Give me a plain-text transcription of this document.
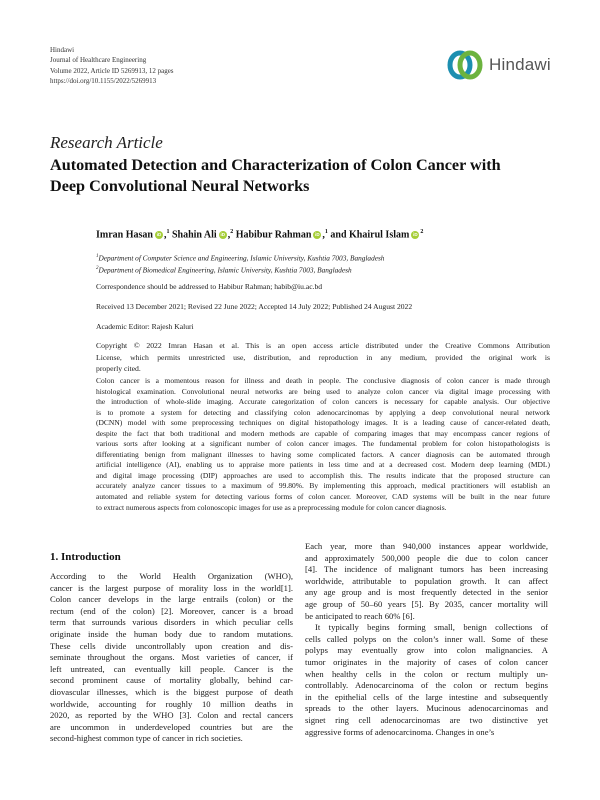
Hindawi
Journal of Healthcare Engineering
Volume 2022, Article ID 5269913, 12 pages
https://doi.org/10.1155/2022/5269913
Hindawi
Research Article
Automated Detection and Characterization of Colon Cancer with
Deep Convolutional Neural Networks
Imran Hasan iD ,$^1$ Shahin Ali iD ,$^2$ Habibur Rahman iD ,$^1$ and Khairul Islam iD $^2$
$^1$Department of Computer Science and Engineering, Islamic University, Kushtia 7003, Bangladesh
$^2$Department of Biomedical Engineering, Islamic University, Kushtia 7003, Bangladesh
Correspondence should be addressed to Habibur Rahman; habib@iu.ac.bd
Received 13 December 2021; Revised 22 June 2022; Accepted 14 July 2022; Published 24 August 2022
Academic Editor: Rajesh Kaluri
Copyright © 2022 Imran Hasan et al. This is an open access article distributed under the Creative Commons Attribution
License, which permits unrestricted use, distribution, and reproduction in any medium, provided the original work is
properly cited.
Colon cancer is a momentous reason for illness and death in people. The conclusive diagnosis of colon cancer is made through
histological examination. Convolutional neural networks are being used to analyze colon cancer via digital image processing with
the introduction of whole-slide imaging. Accurate categorization of colon cancers is necessary for capable analysis. Our objective
is to promote a system for detecting and classifying colon adenocarcinomas by applying a deep convolutional neural network
(DCNN) model with some preprocessing techniques on digital histopathology images. It is a leading cause of cancer-related death,
despite the fact that both traditional and modern methods are capable of comparing images that may encompass cancer regions of
various sorts after looking at a significant number of colon cancer images. The fundamental problem for colon histopathologists is
differentiating benign from malignant illnesses to having some complicated factors. A cancer diagnosis can be automated through
artificial intelligence (AI), enabling us to appraise more patients in less time and at a decreased cost. Modern deep learning (MDL)
and digital image processing (DIP) approaches are used to accomplish this. The results indicate that the proposed structure can
accurately analyze cancer tissues to a maximum of 99.80%. By implementing this approach, medical practitioners will establish an
automated and reliable system for detecting various forms of colon cancer. Moreover, CAD systems will be built in the near future
to extract numerous aspects from colonoscopic images for use as a preprocessing module for colon cancer diagnosis.
1. Introduction
According to the World Health Organization (WHO),
cancer is the largest purpose of morality loss in the world[1].
Colon cancer develops in the large entrails (colon) or the
rectum (end of the colon) [2]. Moreover, cancer is a broad
term that surrounds various disorders in which peculiar cells
originate inside the human body due to random mutations.
These cells divide uncontrollably upon creation and dis-
seminate throughout the organs. Most varieties of cancer, if
left untreated, can eventually kill people. Cancer is the
second prominent cause of mortality globally, behind car-
diovascular illnesses, which is the biggest purpose of death
worldwide, accounting for roughly 10 million deaths in
2020, as reported by the WHO [3]. Colon and rectal cancers
are uncommon in underdeveloped countries but are the
second-highest common type of cancer in rich societies.
Each year, more than 940,000 instances appear worldwide,
and approximately 500,000 people die due to colon cancer
[4]. The incidence of malignant tumors has been increasing
worldwide, attributable to population growth. It can affect
any age group and is most frequently detected in the senior
age group of 50–60 years [5]. By 2035, cancer mortality will
be anticipated to reach 60% [6].
It typically begins forming small, benign collections of
cells called polyps on the colon’s inner wall. Some of these
polyps may eventually grow into colon malignancies. A
tumor originates in the majority of cases of colon cancer
when healthy cells in the colon or rectum multiply un-
controllably. Adenocarcinoma of the colon or rectum begins
in the epithelial cells of the large intestine and subsequently
spreads to the other layers. Mucinous adenocarcinomas and
signet ring cell adenocarcinomas are two distinctive yet
aggressive forms of adenocarcinoma. Changes in one’s
